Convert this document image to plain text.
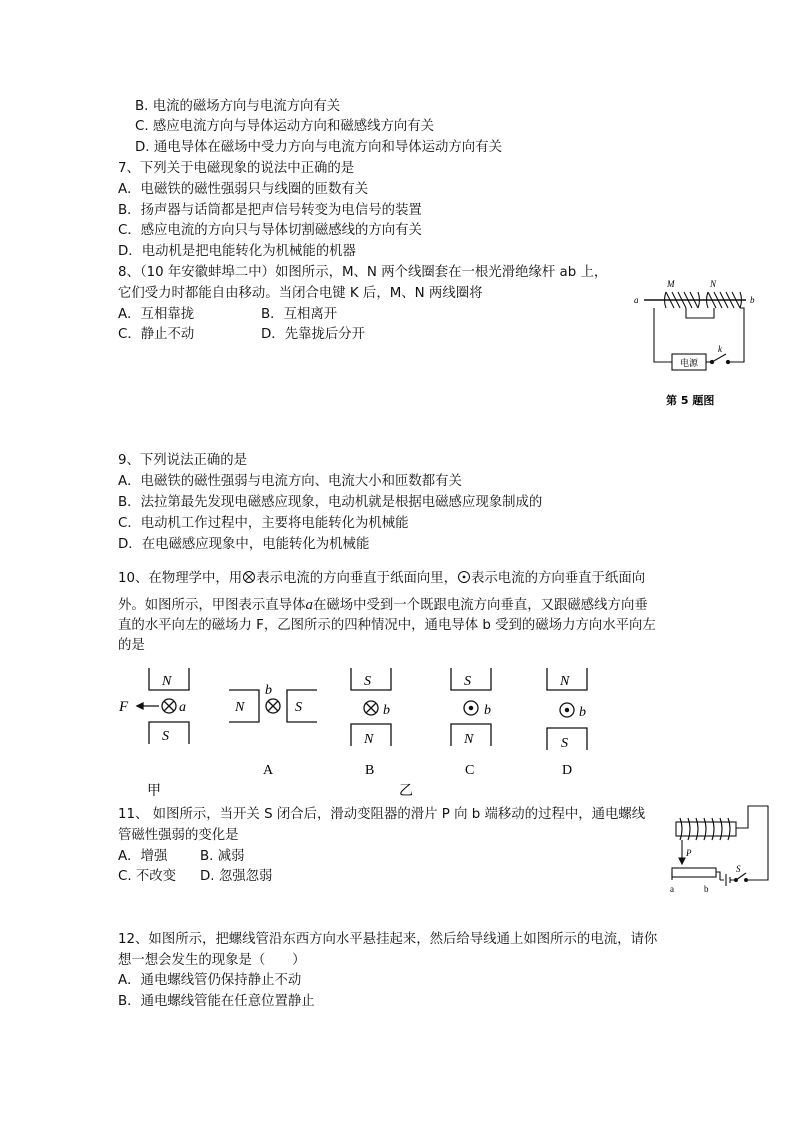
B. 电流的磁场方向与电流方向有关
C. 感应电流方向与导体运动方向和磁感线方向有关
D. 通电导体在磁场中受力方向与电流方向和导体运动方向有关
7、下列关于电磁现象的说法中正确的是
A．电磁铁的磁性强弱只与线圈的匝数有关
B．扬声器与话筒都是把声信号转变为电信号的装置
C．感应电流的方向只与导体切割磁感线的方向有关
D．电动机是把电能转化为机械能的机器
8、（10 年安徽蚌埠二中）如图所示，M、N 两个线圈套在一根光滑绝缘杆 ab 上，
它们受力时都能自由移动。当闭合电键 K 后，M、N 两线圈将
A．互相靠拢	B．互相离开
C．静止不动	D．先靠拢后分开
M	N
a	b
k
电源
第 5 题图
9、下列说法正确的是
A．电磁铁的磁性强弱与电流方向、电流大小和匝数都有关
B．法拉第最先发现电磁感应现象，电动机就是根据电磁感应现象制成的
C．电动机工作过程中，主要将电能转化为机械能
D．在电磁感应现象中，电能转化为机械能
10、在物理学中，用 表示电流的方向垂直于纸面向里， 表示电流的方向垂直于纸面向
外。如图所示，甲图表示直导体a在磁场中受到一个既跟电流方向垂直，又跟磁感线方向垂
直的水平向左的磁场力 F，乙图所示的四种情况中，通电导体 b 受到的磁场力方向水平向左
的是
N
S
F	a	N	S
b
S
N
b
S
N
b
N
S
b
A	B	C	D
甲	乙
11、 如图所示，当开关 S 闭合后，滑动变阻器的滑片 P 向 b 端移动的过程中，通电螺线
管磁性强弱的变化是
A．增强 B. 减弱
C. 不改变 D. 忽强忽弱
P
S
a	b
12、如图所示，把螺线管沿东西方向水平悬挂起来，然后给导线通上如图所示的电流，请你
想一想会发生的现象是（　　）
A．通电螺线管仍保持静止不动
B．通电螺线管能在任意位置静止
